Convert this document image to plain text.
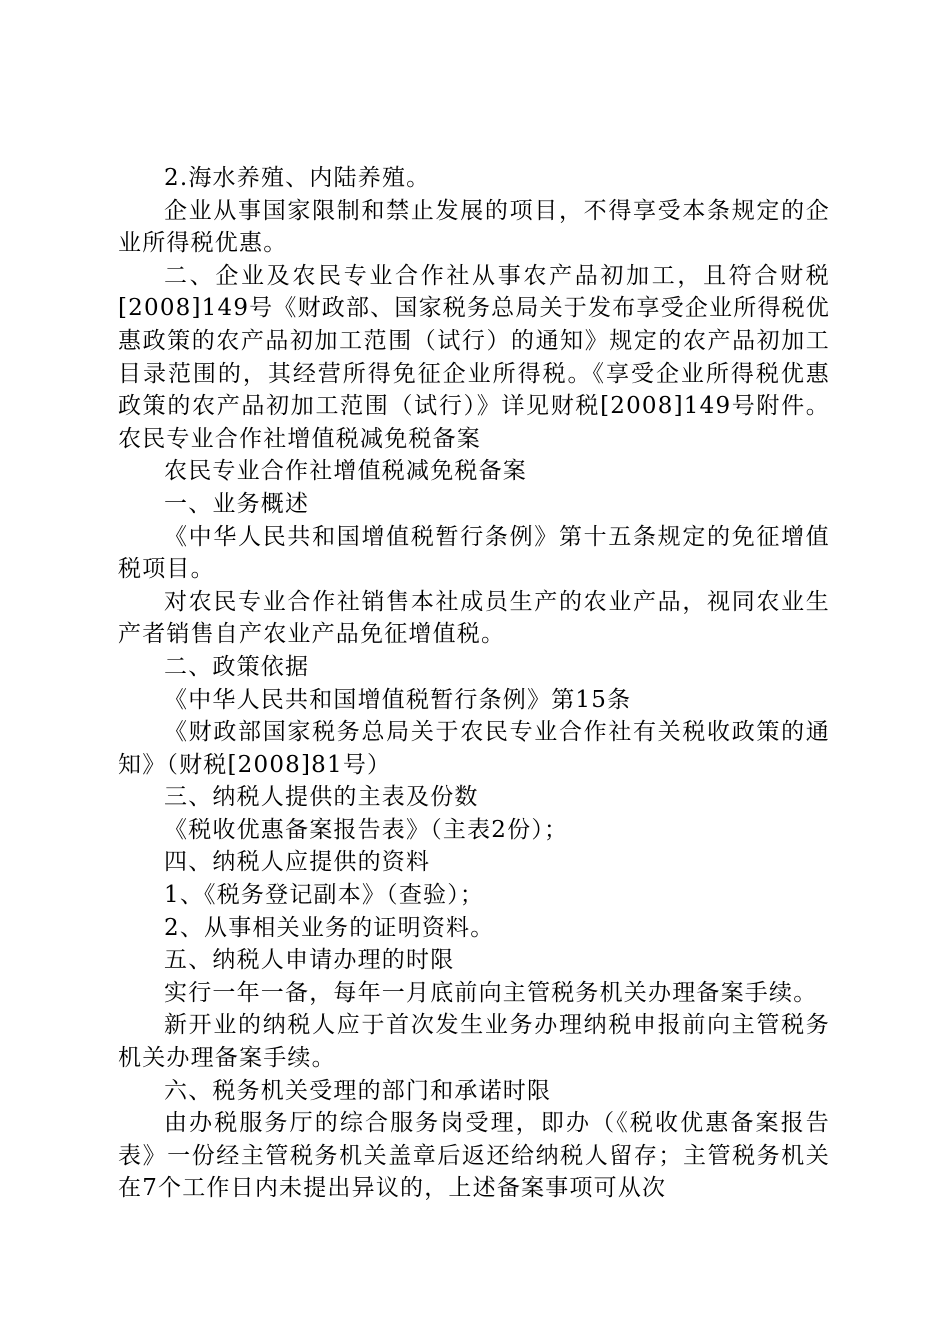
2.海水养殖、内陆养殖。

企业从事国家限制和禁止发展的项目，不得享受本条规定的企业所得税优惠。

二、企业及农民专业合作社从事农产品初加工，且符合财税[2008]149号《财政部、国家税务总局关于发布享受企业所得税优惠政策的农产品初加工范围（试行）的通知》规定的农产品初加工目录范围的，其经营所得免征企业所得税。《享受企业所得税优惠政策的农产品初加工范围（试行）》详见财税[2008]149号附件。农民专业合作社增值税减免税备案

农民专业合作社增值税减免税备案

一、业务概述

《中华人民共和国增值税暂行条例》第十五条规定的免征增值税项目。

对农民专业合作社销售本社成员生产的农业产品，视同农业生产者销售自产农业产品免征增值税。

二、政策依据

《中华人民共和国增值税暂行条例》第15条

《财政部国家税务总局关于农民专业合作社有关税收政策的通知》（财税[2008]81号）

三、纳税人提供的主表及份数

《税收优惠备案报告表》（主表2份）；

四、纳税人应提供的资料

1、《税务登记副本》（查验）；

2、从事相关业务的证明资料。

五、纳税人申请办理的时限

实行一年一备，每年一月底前向主管税务机关办理备案手续。

新开业的纳税人应于首次发生业务办理纳税申报前向主管税务机关办理备案手续。

六、税务机关受理的部门和承诺时限

由办税服务厅的综合服务岗受理，即办（《税收优惠备案报告表》一份经主管税务机关盖章后返还给纳税人留存；主管税务机关在7个工作日内未提出异议的，上述备案事项可从次
